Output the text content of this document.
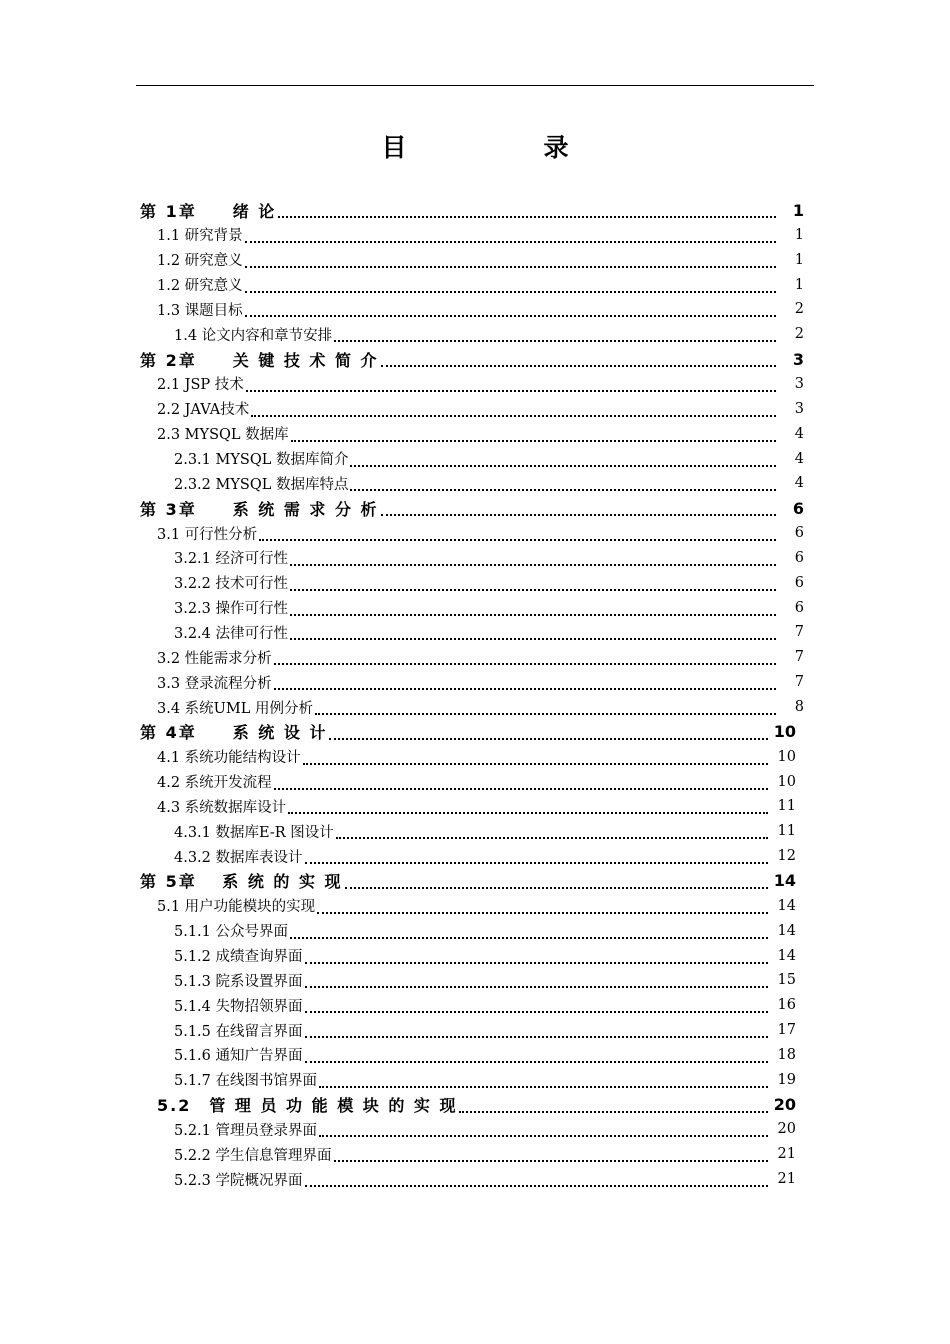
目　录
第 1章　　绪 论	1
1.1 研究背景	1
1.2 研究意义	1
1.2 研究意义	1
1.3 课题目标	2
1.4 论文内容和章节安排	2
第 2章　　关 键 技 术 简 介	3
2.1 JSP 技术	3
2.2 JAVA技术	3
2.3 MYSQL 数据库	4
2.3.1 MYSQL 数据库简介	4
2.3.2 MYSQL 数据库特点	4
第 3章　　系 统 需 求 分 析	6
3.1 可行性分析	6
3.2.1 经济可行性	6
3.2.2 技术可行性	6
3.2.3 操作可行性	6
3.2.4 法律可行性	7
3.2 性能需求分析	7
3.3 登录流程分析	7
3.4 系统UML 用例分析	8
第 4章　　系 统 设 计	10
4.1 系统功能结构设计	10
4.2 系统开发流程	10
4.3 系统数据库设计	11
4.3.1 数据库E-R 图设计	11
4.3.2 数据库表设计	12
第 5章　 系 统 的 实 现	14
5.1 用户功能模块的实现	14
5.1.1 公众号界面	14
5.1.2 成绩查询界面	14
5.1.3 院系设置界面	15
5.1.4 失物招领界面	16
5.1.5 在线留言界面	17
5.1.6 通知广告界面	18
5.1.7 在线图书馆界面	19
5.2　管 理 员 功 能 模 块 的 实 现	20
5.2.1 管理员登录界面	20
5.2.2 学生信息管理界面	21
5.2.3 学院概况界面	21
